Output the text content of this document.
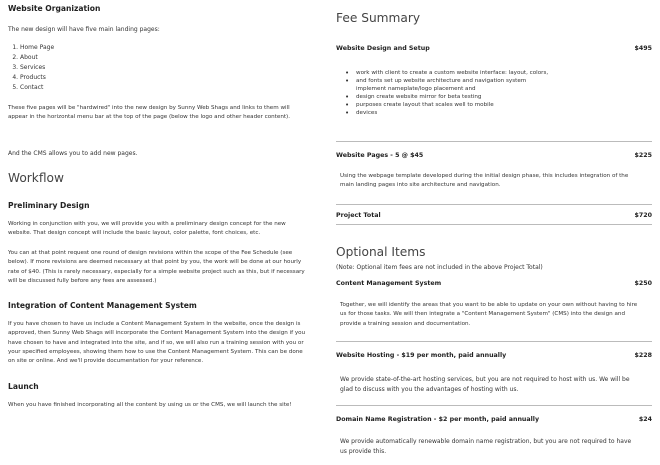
Website Organization
The new design will have five main landing pages:
1. Home Page
2. About
3. Services
4. Products
5. Contact
These five pages will be "hardwired" into the new design by Sunny Web Shags and links to them will appear in the horizontal menu bar at the top of the page (below the logo and other header content).
And the CMS allows you to add new pages.
Workflow
Preliminary Design
Working in conjunction with you, we will provide you with a preliminary design concept for the new website. That design concept will include the basic layout, color palette, font choices, etc.
You can at that point request one round of design revisions within the scope of the Fee Schedule (see below). If more revisions are deemed necessary at that point by you, the work will be done at our hourly rate of $40. (This is rarely necessary, especially for a simple website project such as this, but if necessary will be discussed fully before any fees are assessed.)
Integration of Content Management System
If you have chosen to have us include a Content Management System in the website, once the design is approved, then Sunny Web Shags will incorporate the Content Management System into the design if you have chosen to have and integrated into the site, and if so, we will also run a training session with you or your specified employees, showing them how to use the Content Management System. This can be done on site or online. And we'll provide documentation for your reference.
Launch
When you have finished incorporating all the content by using us or the CMS, we will launch the site!
Fee Summary
Website Design and Setup	$495
• work with client to create a custom website interface: layout, colors,
• and fonts set up website architecture and navigation system
implement nameplate/logo placement and
• design create website mirror for beta testing
• purposes create layout that scales well to mobile
• devices
Website Pages - 5 @ $45	$225
Using the webpage template developed during the initial design phase, this includes integration of the main landing pages into site architecture and navigation.
Project Total	$720
Optional Items
(Note: Optional item fees are not included in the above Project Total)
Content Management System	$250
Together, we will identify the areas that you want to be able to update on your own without having to hire us for those tasks. We will then integrate a "Content Management System" (CMS) into the design and provide a training session and documentation.
Website Hosting - $19 per month, paid annually	$228
We provide state-of-the-art hosting services, but you are not required to host with us. We will be glad to discuss with you the advantages of hosting with us.
Domain Name Registration - $2 per month, paid annually	$24
We provide automatically renewable domain name registration, but you are not required to have us provide this.
